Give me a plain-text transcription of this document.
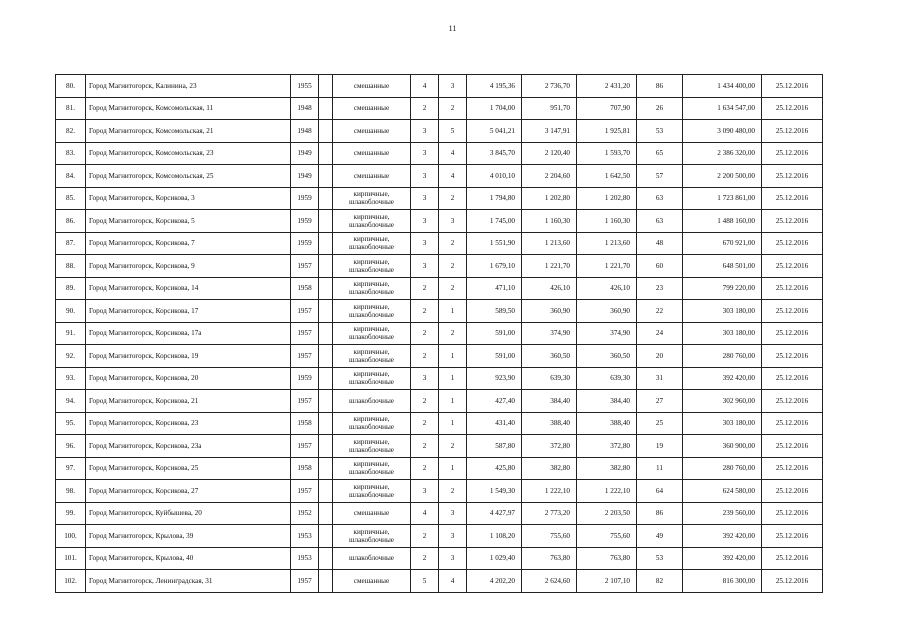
11
80.	Город Магнитогорск, Калинина, 23	1955		смешанные	4	3	4 195,36	2 736,70	2 431,20	86	1 434 400,00	25.12.2016
81.	Город Магнитогорск, Комсомольская, 11	1948		смешанные	2	2	1 704,00	951,70	707,90	26	1 634 547,00	25.12.2016
82.	Город Магнитогорск, Комсомольская, 21	1948		смешанные	3	5	5 041,21	3 147,91	1 925,81	53	3 090 480,00	25.12.2016
83.	Город Магнитогорск, Комсомольская, 23	1949		смешанные	3	4	3 845,70	2 120,40	1 593,70	65	2 386 320,00	25.12.2016
84.	Город Магнитогорск, Комсомольская, 25	1949		смешанные	3	4	4 010,10	2 204,60	1 642,50	57	2 200 500,00	25.12.2016
85.	Город Магнитогорск, Корсикова, 3	1959		кирпичные, шлакоблочные	3	2	1 794,80	1 202,80	1 202,80	63	1 723 861,00	25.12.2016
86.	Город Магнитогорск, Корсикова, 5	1959		кирпичные, шлакоблочные	3	3	1 745,00	1 160,30	1 160,30	63	1 488 160,00	25.12.2016
87.	Город Магнитогорск, Корсикова, 7	1959		кирпичные, шлакоблочные	3	2	1 551,90	1 213,60	1 213,60	48	670 921,00	25.12.2016
88.	Город Магнитогорск, Корсикова, 9	1957		кирпичные, шлакоблочные	3	2	1 679,10	1 221,70	1 221,70	60	648 501,00	25.12.2016
89.	Город Магнитогорск, Корсикова, 14	1958		кирпичные, шлакоблочные	2	2	471,10	426,10	426,10	23	799 220,00	25.12.2016
90.	Город Магнитогорск, Корсикова, 17	1957		кирпичные, шлакоблочные	2	1	589,50	360,90	360,90	22	303 180,00	25.12.2016
91.	Город Магнитогорск, Корсикова, 17а	1957		кирпичные, шлакоблочные	2	2	591,00	374,90	374,90	24	303 180,00	25.12.2016
92.	Город Магнитогорск, Корсикова, 19	1957		кирпичные, шлакоблочные	2	1	591,00	360,50	360,50	20	280 760,00	25.12.2016
93.	Город Магнитогорск, Корсикова, 20	1959		кирпичные, шлакоблочные	3	1	923,90	639,30	639,30	31	392 420,00	25.12.2016
94.	Город Магнитогорск, Корсикова, 21	1957		шлакоблочные	2	1	427,40	384,40	384,40	27	302 960,00	25.12.2016
95.	Город Магнитогорск, Корсикова, 23	1958		кирпичные, шлакоблочные	2	1	431,40	388,40	388,40	25	303 180,00	25.12.2016
96.	Город Магнитогорск, Корсикова, 23а	1957		кирпичные, шлакоблочные	2	2	587,80	372,80	372,80	19	360 900,00	25.12.2016
97.	Город Магнитогорск, Корсикова, 25	1958		кирпичные, шлакоблочные	2	1	425,80	382,80	382,80	11	280 760,00	25.12.2016
98.	Город Магнитогорск, Корсикова, 27	1957		кирпичные, шлакоблочные	3	2	1 549,30	1 222,10	1 222,10	64	624 580,00	25.12.2016
99.	Город Магнитогорск, Куйбышева, 20	1952		смешанные	4	3	4 427,97	2 773,20	2 203,50	86	239 560,00	25.12.2016
100.	Город Магнитогорск, Крылова, 39	1953		кирпичные, шлакоблочные	2	3	1 108,20	755,60	755,60	49	392 420,00	25.12.2016
101.	Город Магнитогорск, Крылова, 40	1953		шлакоблочные	2	3	1 029,40	763,80	763,80	53	392 420,00	25.12.2016
102.	Город Магнитогорск, Ленинградская, 31	1957		смешанные	5	4	4 202,20	2 624,60	2 107,10	82	816 300,00	25.12.2016
